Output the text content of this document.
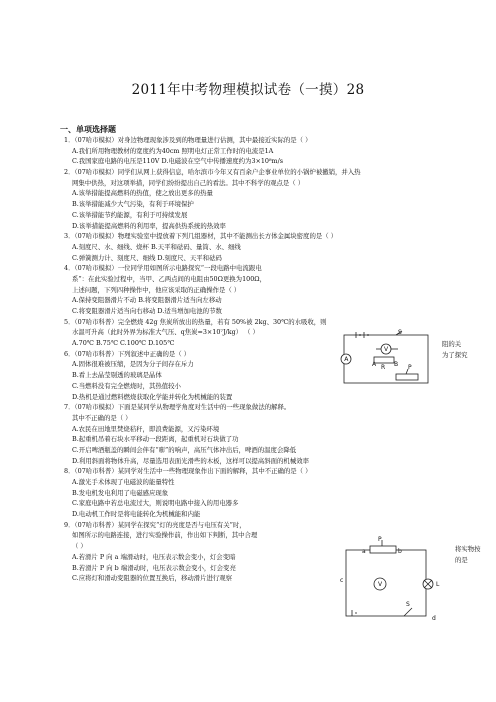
2011年中考物理模拟试卷（一摸）28
一、单项选择题
1．（07哈市模拟）对身边物理现象涉及到的物理量进行估测，其中最接近实际的是（ ）
A.我们所用物理教材的宽度约为40cm 照明电灯正常工作时的电流是1A
C.我国家庭电路的电压是110V D.电磁波在空气中传播速度约为3×10⁸m/s
2．（07哈市模拟）同学们从网上获得信息，哈尔滨市今年又有百余户企事业单位的小锅炉被撤销，并入热
网集中供热，对这项举措，同学们纷纷提出自己的看法。其中不科学的观点是（ ）
A.该举措能提高燃料的热值，使之放出更多的热量
B.该举措能减少大气污染，有利于环境保护
C.该举措能节约能源，有利于可持续发展
D.该举措能提高燃料的利用率，提高供热系统的热效率
3．（07哈市模拟）物理实验室中提放着下列几组器材，其中不能测出长方体金属块密度的是（ ）
A.刻度尺、水、细线、烧杯 B.天平和砝码、量筒、水、细线
C.弹簧测力计、刻度尺、细线 D.刻度尺、天平和砝码
4．（07哈市模拟）一位同学用如图所示电路探究“一段电路中电流跟电
系”：在此实验过程中，当甲、乙两点间的电阻由50Ω更换为100Ω，
上述问题，下列四种操作中，他应该采取的正确操作是（ ）
A.保持变阻器滑片不动 B.将变阻器滑片适当向左移动
C.将变阻器滑片适当向右移动 D.适当增加电池的节数
5．（07哈市科普）完全燃烧 42g 焦炭所放出的热量，若有 50%被 2kg、30℃的水吸收，则
水温可升高（此时外界为标准大气压、q焦炭=3×10⁷J/kg） （ ）
A.70℃ B.75℃ C.100℃ D.105℃
6．（07哈市科普）下列叙述中正确的是（ ）
A.固体很难被压缩，是因为分子间存在斥力
B.看上去晶莹剔透的玻璃是晶体
C.当燃料没有完全燃烧时，其热值较小
D.热机是通过燃料燃烧获取化学能并转化为机械能的装置
7．（07哈市模拟）下面是某同学从物理学角度对生活中的一些现象做法的解释。
其中不正确的是（ ）
A.农民在田地里焚烧秸秆，即浪费能源，又污染环境
B.起重机吊着石块水平移动一段距离，起重机对石块做了功
C.开启啤酒瓶盖的瞬间会伴有“嘭”的响声，高压气体冲出后，啤酒的温度会降低
D.利用斜面将物体升高，尽量选用表面光滑些的木板，这样可以提高斜面的机械效率
8．（07哈市科普）某同学对生活中一些物理现象作出下面的解释，其中不正确的是（ ）
A.激光手术体现了电磁波的能量特性
B.发电机发电利用了电磁感应现象
C.家庭电路中若总电流过大，则说明电路中接入的用电器多
D.电动机工作时是将电能转化为机械能和内能
9．（07哈市科普）某同学在探究“灯的亮度是否与电压有关”时，
如图所示的电路连接，进行实验操作前，作出如下判断，其中合理
（ ）
A.若滑片 P 向 a 端滑动时，电压表示数会变小，灯会变暗
B.若滑片 P 向 b 端滑动时，电压表示数会变小，灯会变亮
C.应将灯和滑动变阻器的位置互换后，移动滑片进行观察
S
A
V
R
A	B P
阻的关
为了探究
P
a	b
V	L
c
d
S
将实物按
的是
